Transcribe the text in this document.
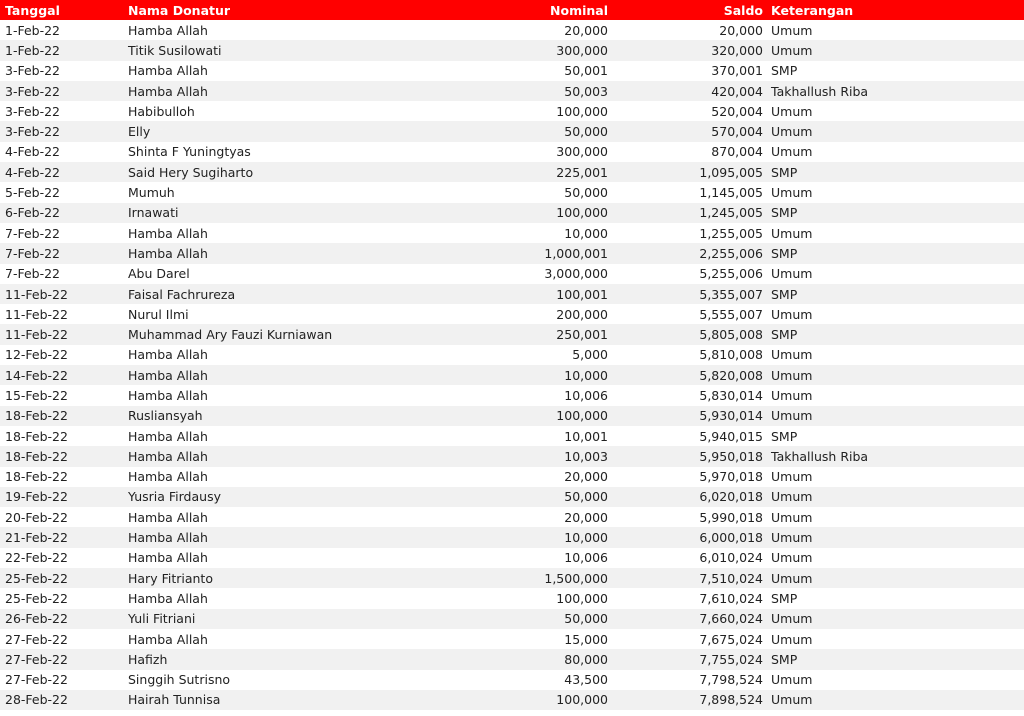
Tanggal	Nama Donatur	Nominal	Saldo	Keterangan
1-Feb-22	Hamba Allah	20,000	20,000	Umum
1-Feb-22	Titik Susilowati	300,000	320,000	Umum
3-Feb-22	Hamba Allah	50,001	370,001	SMP
3-Feb-22	Hamba Allah	50,003	420,004	Takhallush Riba
3-Feb-22	Habibulloh	100,000	520,004	Umum
3-Feb-22	Elly	50,000	570,004	Umum
4-Feb-22	Shinta F Yuningtyas	300,000	870,004	Umum
4-Feb-22	Said Hery Sugiharto	225,001	1,095,005	SMP
5-Feb-22	Mumuh	50,000	1,145,005	Umum
6-Feb-22	Irnawati	100,000	1,245,005	SMP
7-Feb-22	Hamba Allah	10,000	1,255,005	Umum
7-Feb-22	Hamba Allah	1,000,001	2,255,006	SMP
7-Feb-22	Abu Darel	3,000,000	5,255,006	Umum
11-Feb-22	Faisal Fachrureza	100,001	5,355,007	SMP
11-Feb-22	Nurul Ilmi	200,000	5,555,007	Umum
11-Feb-22	Muhammad Ary Fauzi Kurniawan	250,001	5,805,008	SMP
12-Feb-22	Hamba Allah	5,000	5,810,008	Umum
14-Feb-22	Hamba Allah	10,000	5,820,008	Umum
15-Feb-22	Hamba Allah	10,006	5,830,014	Umum
18-Feb-22	Rusliansyah	100,000	5,930,014	Umum
18-Feb-22	Hamba Allah	10,001	5,940,015	SMP
18-Feb-22	Hamba Allah	10,003	5,950,018	Takhallush Riba
18-Feb-22	Hamba Allah	20,000	5,970,018	Umum
19-Feb-22	Yusria Firdausy	50,000	6,020,018	Umum
20-Feb-22	Hamba Allah	20,000	5,990,018	Umum
21-Feb-22	Hamba Allah	10,000	6,000,018	Umum
22-Feb-22	Hamba Allah	10,006	6,010,024	Umum
25-Feb-22	Hary Fitrianto	1,500,000	7,510,024	Umum
25-Feb-22	Hamba Allah	100,000	7,610,024	SMP
26-Feb-22	Yuli Fitriani	50,000	7,660,024	Umum
27-Feb-22	Hamba Allah	15,000	7,675,024	Umum
27-Feb-22	Hafizh	80,000	7,755,024	SMP
27-Feb-22	Singgih Sutrisno	43,500	7,798,524	Umum
28-Feb-22	Hairah Tunnisa	100,000	7,898,524	Umum
